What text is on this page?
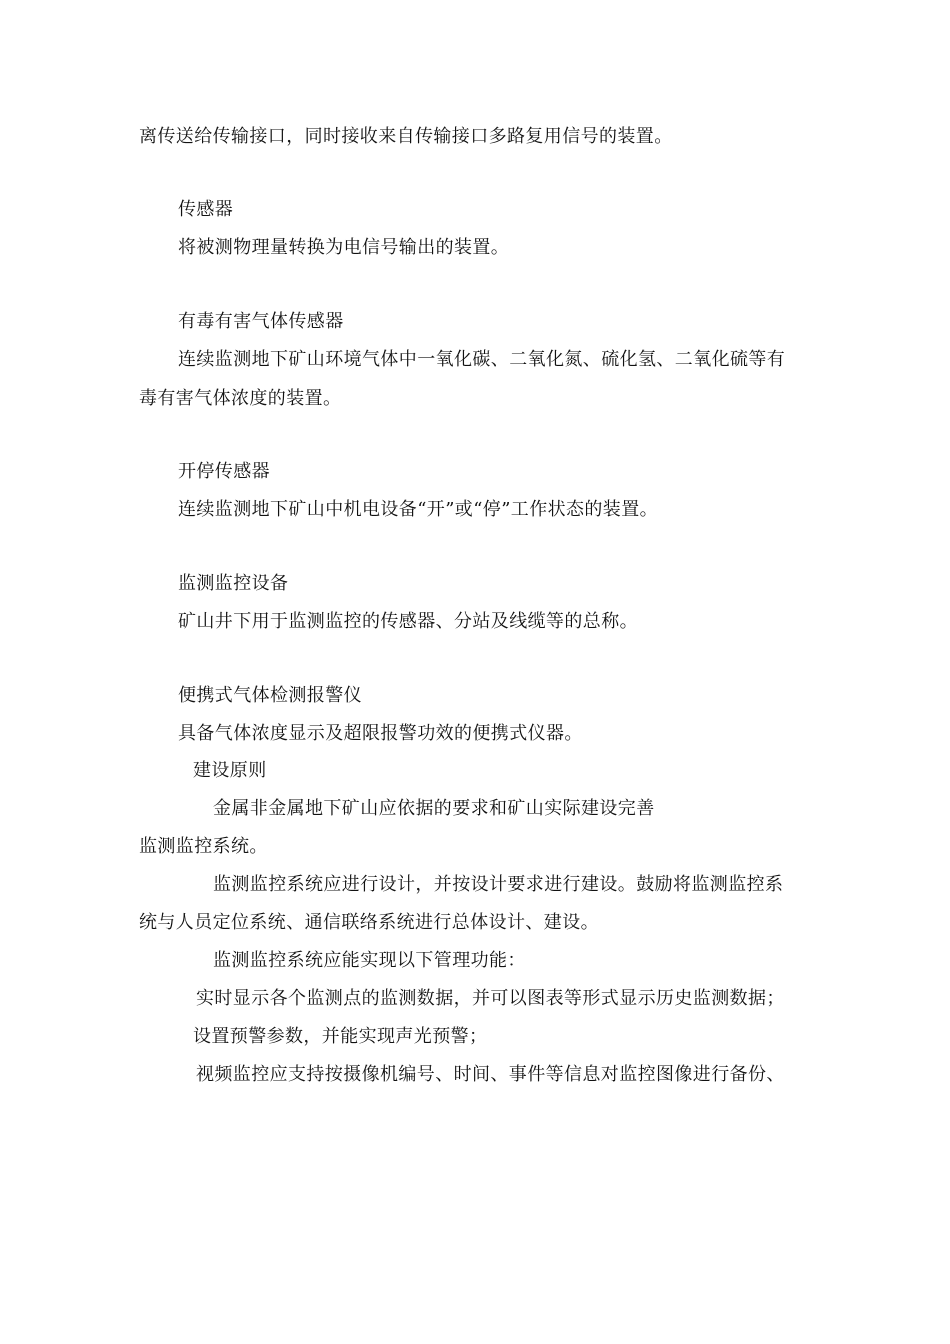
离传送给传输接口，同时接收来自传输接口多路复用信号的装置。
传感器
将被测物理量转换为电信号输出的装置。
有毒有害气体传感器
连续监测地下矿山环境气体中一氧化碳、二氧化氮、硫化氢、二氧化硫等有
毒有害气体浓度的装置。
开停传感器
连续监测地下矿山中机电设备“开”或“停”工作状态的装置。
监测监控设备
矿山井下用于监测监控的传感器、分站及线缆等的总称。
便携式气体检测报警仪
具备气体浓度显示及超限报警功效的便携式仪器。
建设原则
金属非金属地下矿山应依据的要求和矿山实际建设完善
监测监控系统。
监测监控系统应进行设计，并按设计要求进行建设。鼓励将监测监控系
统与人员定位系统、通信联络系统进行总体设计、建设。
监测监控系统应能实现以下管理功能：
实时显示各个监测点的监测数据，并可以图表等形式显示历史监测数据；
设置预警参数，并能实现声光预警；
视频监控应支持按摄像机编号、时间、事件等信息对监控图像进行备份、
